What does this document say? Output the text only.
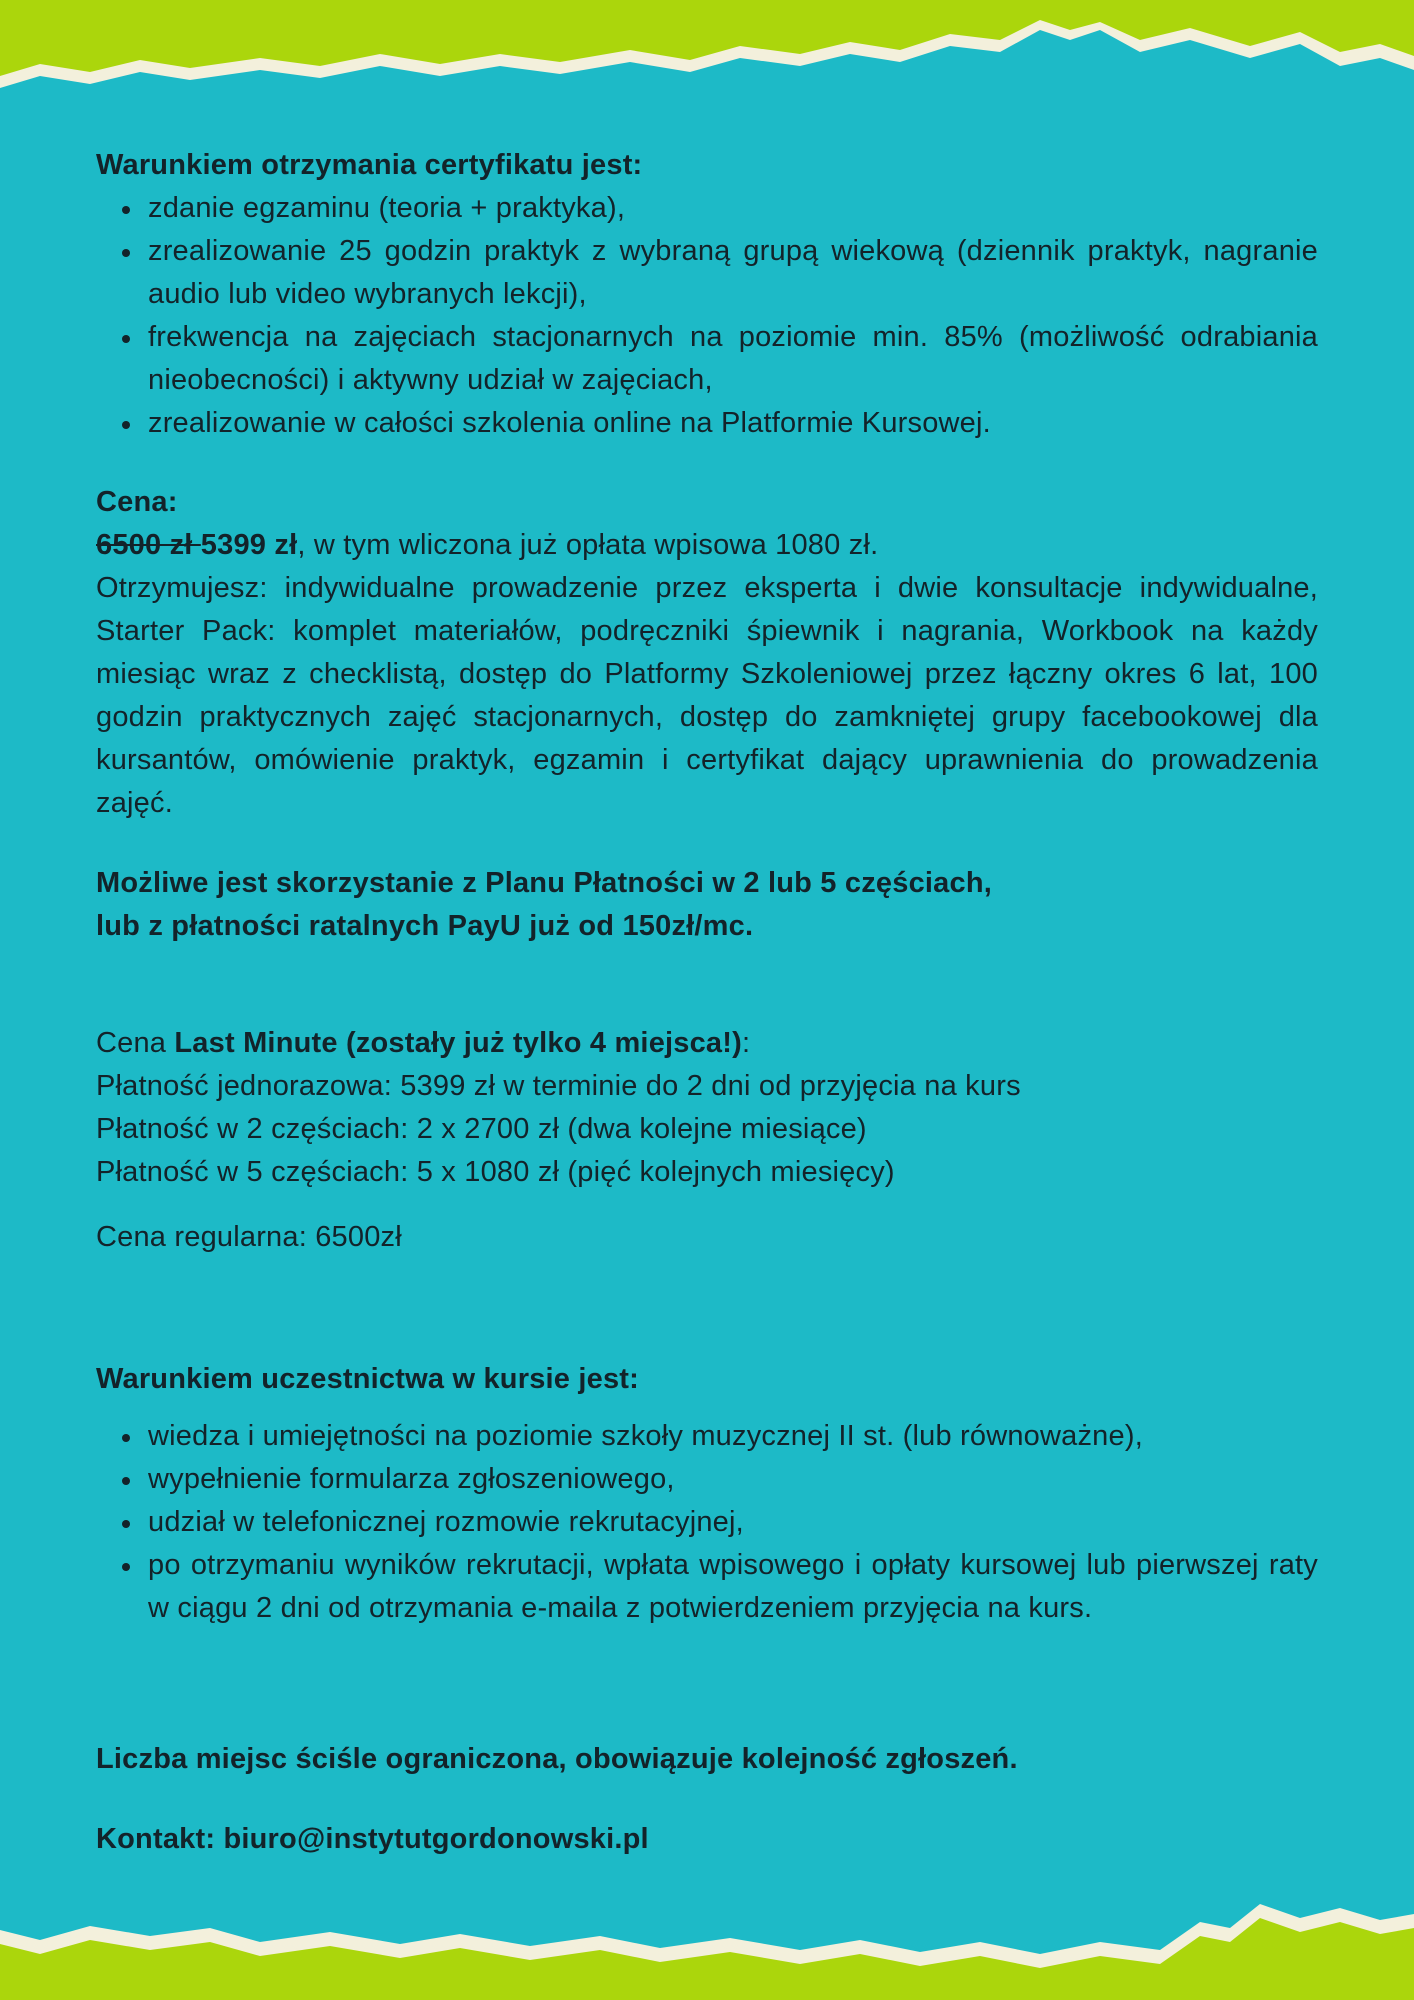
Warunkiem otrzymania certyfikatu jest:
zdanie egzaminu (teoria + praktyka),
zrealizowanie 25 godzin praktyk z wybraną grupą wiekową (dziennik praktyk, nagranie audio lub video wybranych lekcji),
frekwencja na zajęciach stacjonarnych na poziomie min. 85% (możliwość odrabiania nieobecności) i aktywny udział w zajęciach,
zrealizowanie w całości szkolenia online na Platformie Kursowej.
Cena:

6500 zł 5399 zł, w tym wliczona już opłata wpisowa 1080 zł.

Otrzymujesz: indywidualne prowadzenie przez eksperta i dwie konsultacje indywidualne, Starter Pack: komplet materiałów, podręczniki śpiewnik i nagrania, Workbook na każdy miesiąc wraz z checklistą, dostęp do Platformy Szkoleniowej przez łączny okres 6 lat, 100 godzin praktycznych zajęć stacjonarnych, dostęp do zamkniętej grupy facebookowej dla kursantów, omówienie praktyk, egzamin i certyfikat dający uprawnienia do prowadzenia zajęć.

Możliwe jest skorzystanie z Planu Płatności w 2 lub 5 częściach,

lub z płatności ratalnych PayU już od 150zł/mc.

Cena Last Minute (zostały już tylko 4 miejsca!):

Płatność jednorazowa: 5399 zł w terminie do 2 dni od przyjęcia na kurs

Płatność w 2 częściach: 2 x 2700 zł (dwa kolejne miesiące)

Płatność w 5 częściach: 5 x 1080 zł (pięć kolejnych miesięcy)

Cena regularna: 6500zł

Warunkiem uczestnictwa w kursie jest:
wiedza i umiejętności na poziomie szkoły muzycznej II st. (lub równoważne),
wypełnienie formularza zgłoszeniowego,
udział w telefonicznej rozmowie rekrutacyjnej,
po otrzymaniu wyników rekrutacji, wpłata wpisowego i opłaty kursowej lub pierwszej raty w ciągu 2 dni od otrzymania e-maila z potwierdzeniem przyjęcia na kurs.

Liczba miejsc ściśle ograniczona, obowiązuje kolejność zgłoszeń.

Kontakt: biuro@instytutgordonowski.pl
